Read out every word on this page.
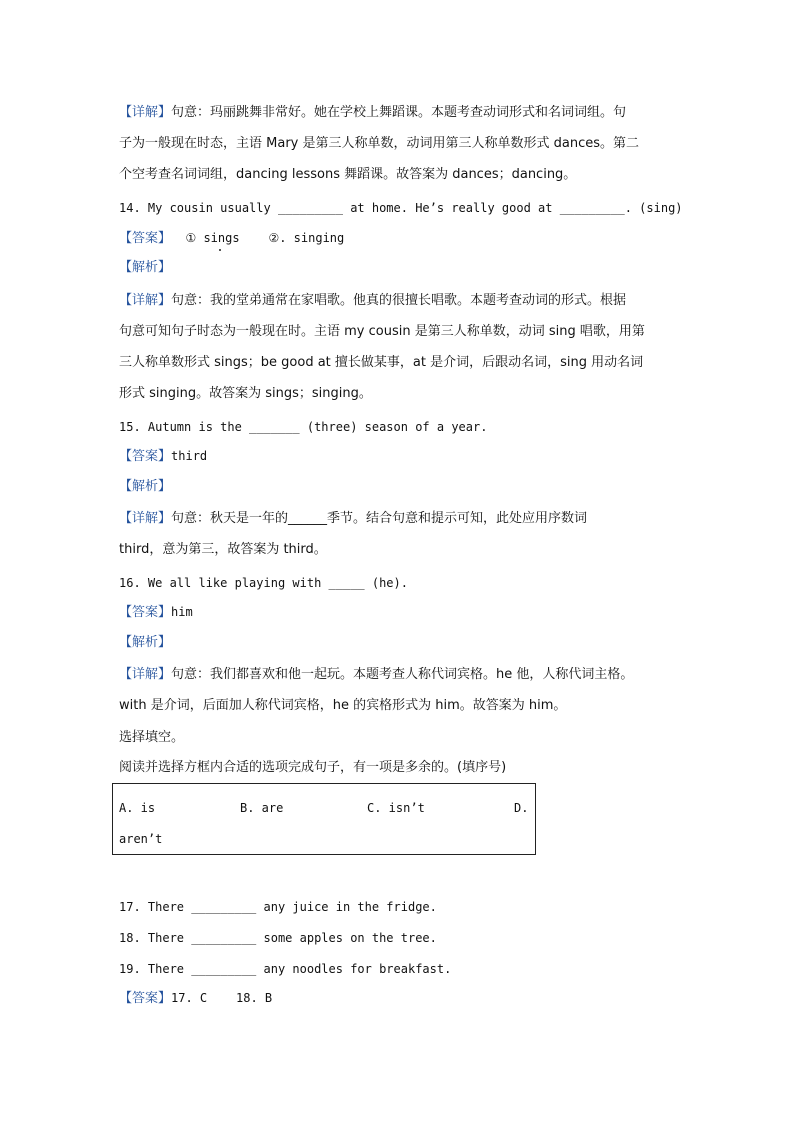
【详解】句意：玛丽跳舞非常好。她在学校上舞蹈课。本题考查动词形式和名词词组。句
子为一般现在时态，主语 Mary 是第三人称单数，动词用第三人称单数形式 dances。第二
个空考查名词词组，dancing lessons 舞蹈课。故答案为 dances；dancing。
14. My cousin usually _________ at home. He’s really good at _________. (sing)
【答案】  ① sings    ②. singing
【解析】
【详解】句意：我的堂弟通常在家唱歌。他真的很擅长唱歌。本题考查动词的形式。根据
句意可知句子时态为一般现在时。主语 my cousin 是第三人称单数，动词 sing 唱歌，用第
三人称单数形式 sings；be good at 擅长做某事，at 是介词，后跟动名词，sing 用动名词
形式 singing。故答案为 sings；singing。
15. Autumn is the _______ (three) season of a year.
【答案】third
【解析】
【详解】句意：秋天是一年的______季节。结合句意和提示可知，此处应用序数词
third，意为第三，故答案为 third。
16. We all like playing with _____ (he).
【答案】him
【解析】
【详解】句意：我们都喜欢和他一起玩。本题考查人称代词宾格。he 他，人称代词主格。
with 是介词，后面加人称代词宾格，he 的宾格形式为 him。故答案为 him。
选择填空。
阅读并选择方框内合适的选项完成句子，有一项是多余的。(填序号)
A. is	B. are	C. isn’t	D.
aren’t
17. There _________ any juice in the fridge.
18. There _________ some apples on the tree.
19. There _________ any noodles for breakfast.
【答案】17. C    18. B
